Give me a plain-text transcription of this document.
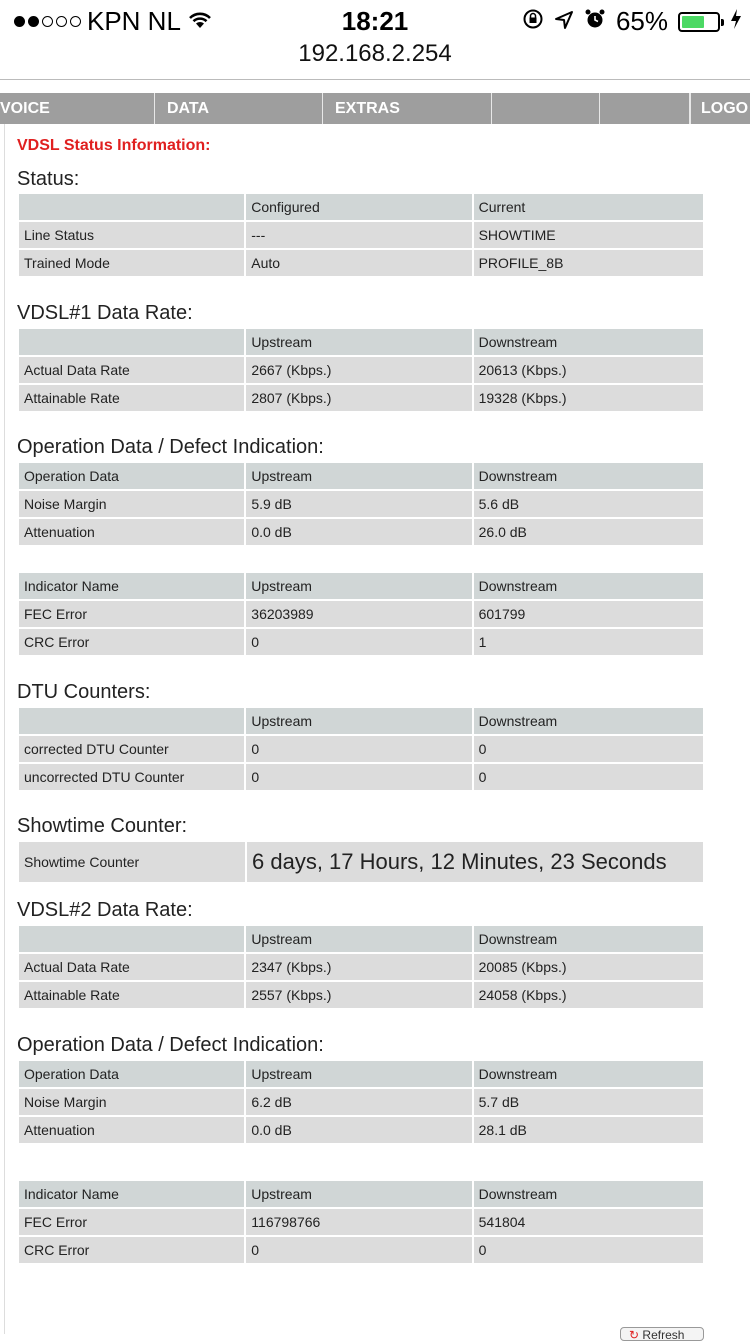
KPN NL	18:21	65%
192.168.2.254
VOICE	DATA	EXTRAS	LOGO
VDSL Status Information:
Status:
	Configured	Current
Line Status	---	SHOWTIME
Trained Mode	Auto	PROFILE_8B
VDSL#1 Data Rate:
	Upstream	Downstream
Actual Data Rate	2667 (Kbps.)	20613 (Kbps.)
Attainable Rate	2807 (Kbps.)	19328 (Kbps.)
Operation Data / Defect Indication:
Operation Data	Upstream	Downstream
Noise Margin	5.9 dB	5.6 dB
Attenuation	0.0 dB	26.0 dB
Indicator Name	Upstream	Downstream
FEC Error	36203989	601799
CRC Error	0	1
DTU Counters:
	Upstream	Downstream
corrected DTU Counter	0	0
uncorrected DTU Counter	0	0
Showtime Counter:
Showtime Counter	6 days, 17 Hours, 12 Minutes, 23 Seconds
VDSL#2 Data Rate:
	Upstream	Downstream
Actual Data Rate	2347 (Kbps.)	20085 (Kbps.)
Attainable Rate	2557 (Kbps.)	24058 (Kbps.)
Operation Data / Defect Indication:
Operation Data	Upstream	Downstream
Noise Margin	6.2 dB	5.7 dB
Attenuation	0.0 dB	28.1 dB
Indicator Name	Upstream	Downstream
FEC Error	116798766	541804
CRC Error	0	0
↻ Refresh
